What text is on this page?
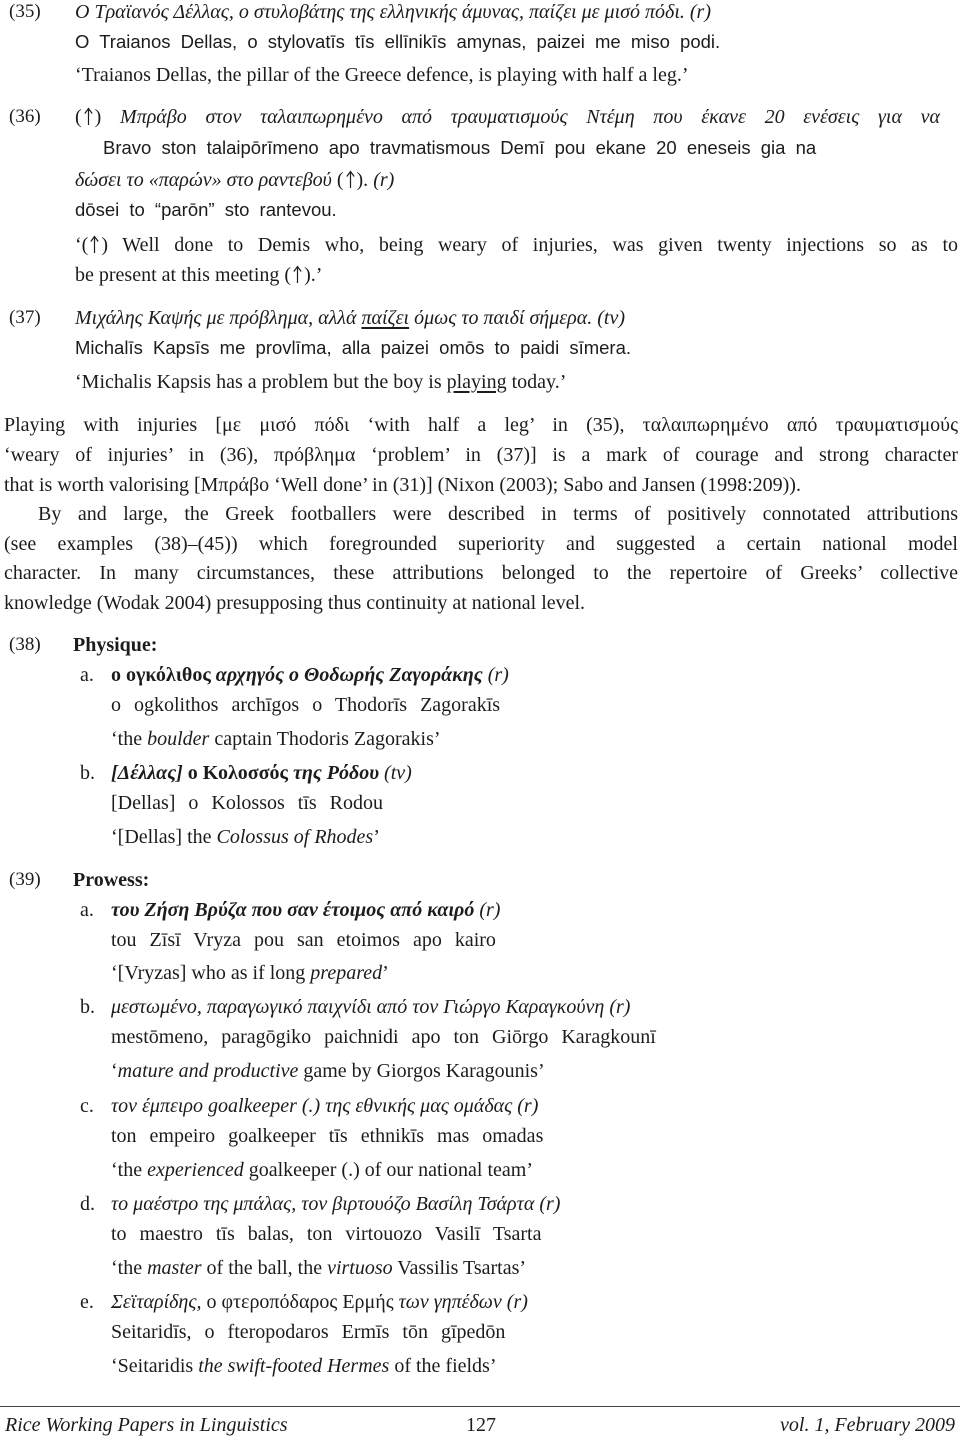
(35) Ο Τραϊανός Δέλλας, ο στυλοβάτης της ελληνικής άμυνας, παίζει με μισό πόδι. (r)
O Traianos Dellas, o stylovatīs tīs ellīnikīs amynas, paizei me miso podi.
‘Traianos Dellas, the pillar of the Greece defence, is playing with half a leg.’
(36) ( ) Μπράβο στον ταλαιπωρημένο από τραυματισμούς Ντέμη που έκανε 20 ενέσεις για να
Bravo ston talaipōrīmeno apo travmatismous Demī pou ekane 20 eneseis gia na
δώσει το «παρών» στο ραντεβού ( ). (r)
dōsei to “parōn” sto rantevou.
‘( ) Well done to Demis who, being weary of injuries, was given twenty injections so as to
be present at this meeting ( ).’
(37) Μιχάλης Καψής με πρόβλημα, αλλά παίζει όμως το παιδί σήμερα. (tv)
Michalīs Kapsīs me provlīma, alla paizei omōs to paidi sīmera.
‘Michalis Kapsis has a problem but the boy is playing today.’
Playing with injuries [με μισό πόδι ‘with half a leg’ in (35), ταλαιπωρημένο από τραυματισμούς
‘weary of injuries’ in (36), πρόβλημα ‘problem’ in (37)] is a mark of courage and strong character
that is worth valorising [Μπράβο ‘Well done’ in (31)] (Nixon (2003); Sabo and Jansen (1998:209)).
By and large, the Greek footballers were described in terms of positively connotated attributions
(see examples (38)–(45)) which foregrounded superiority and suggested a certain national model
character. In many circumstances, these attributions belonged to the repertoire of Greeks’ collective
knowledge (Wodak 2004) presupposing thus continuity at national level.
(38) Physique:
a. ο ογκόλιθος αρχηγός ο Θοδωρής Ζαγοράκης (r)
o ogkolithos archīgos o Thodorīs Zagorakīs
‘the boulder captain Thodoris Zagorakis’
b. [Δέλλας] ο Κολοσσός της Ρόδου (tv)
[Dellas] o Kolossos tīs Rodou
‘[Dellas] the Colossus of Rhodes’
(39) Prowess:
a. του Ζήση Βρύζα που σαν έτοιμος από καιρό (r)
tou Zīsī Vryza pou san etoimos apo kairo
‘[Vryzas] who as if long prepared’
b. μεστωμένο, παραγωγικό παιχνίδι από τον Γιώργο Καραγκούνη (r)
mestōmeno, paragōgiko paichnidi apo ton Giōrgo Karagkounī
‘mature and productive game by Giorgos Karagounis’
c. τον έμπειρο goalkeeper (.) της εθνικής μας ομάδας (r)
ton empeiro goalkeeper tīs ethnikīs mas omadas
‘the experienced goalkeeper (.) of our national team’
d. το μαέστρο της μπάλας, τον βιρτουόζο Βασίλη Τσάρτα (r)
to maestro tīs balas, ton virtouozo Vasilī Tsarta
‘the master of the ball, the virtuoso Vassilis Tsartas’
e. Σεϊταρίδης, ο φτεροπόδαρος Ερμής των γηπέδων (r)
Seitaridīs, o fteropodaros Ermīs tōn gīpedōn
‘Seitaridis the swift-footed Hermes of the fields’
Rice Working Papers in Linguistics	127	vol. 1, February 2009
